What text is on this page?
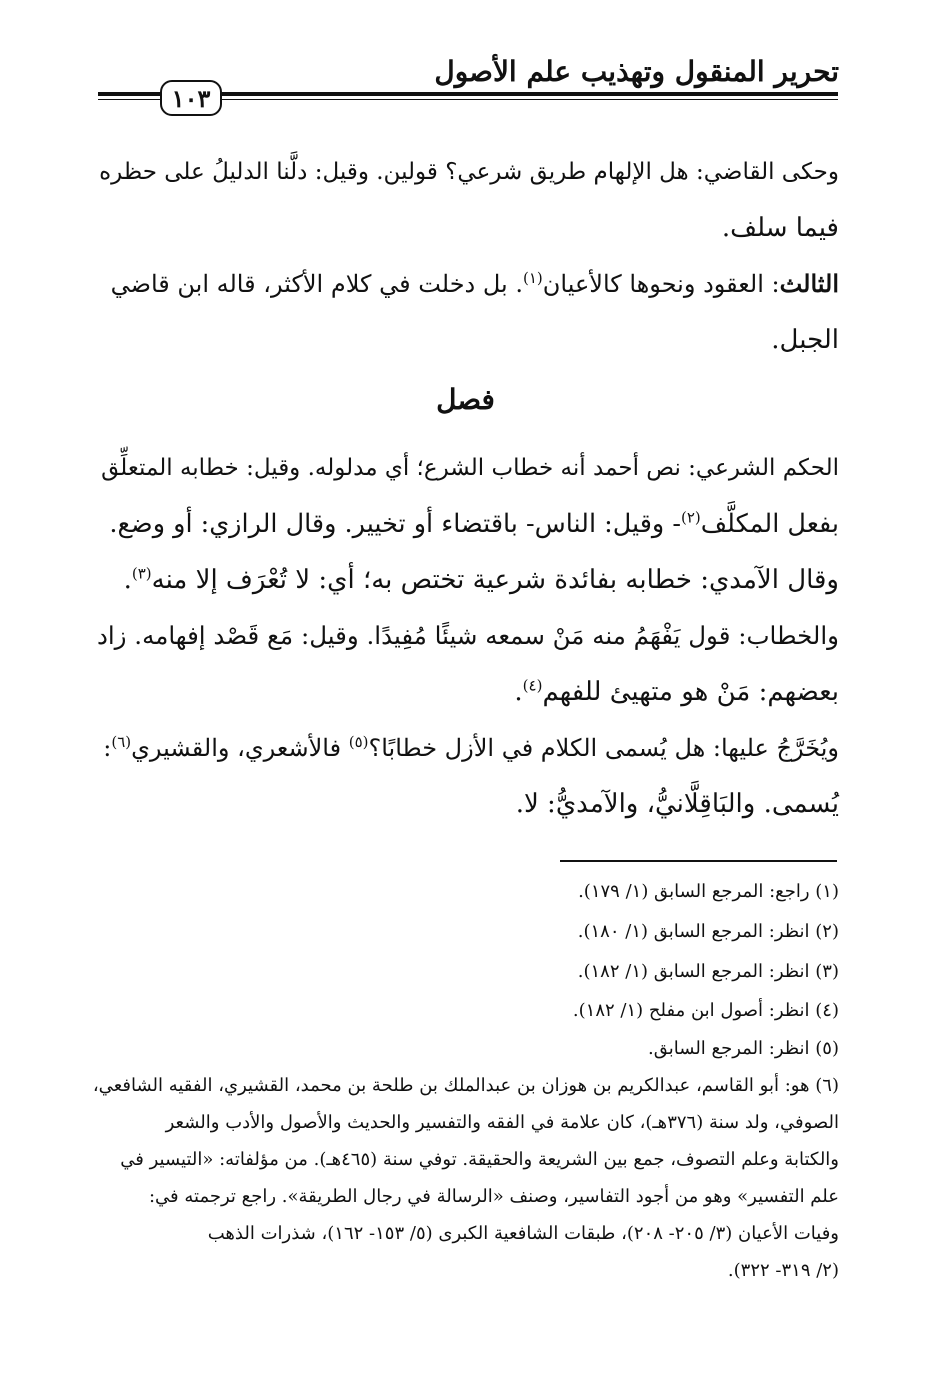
تحرير المنقول وتهذيب علم الأصول
١٠٣
وحكى القاضي: هل الإلهام طريق شرعي؟ قولين. وقيل: دلَّنا الدليلُ على حظره
فيما سلف.
الثالث: العقود ونحوها كالأعيان$^{(١)}$. بل دخلت في كلام الأكثر، قاله ابن قاضي
الجبل.
فصل
الحكم الشرعي: نص أحمد أنه خطاب الشرع؛ أي مدلوله. وقيل: خطابه المتعلِّق
بفعل المكلَّف$^{(٢)}$- وقيل: الناس- باقتضاء أو تخيير. وقال الرازي: أو وضع.
وقال الآمدي: خطابه بفائدة شرعية تختص به؛ أي: لا تُعْرَف إلا منه$^{(٣)}$.
والخطاب: قول يَفْهَمُ منه مَنْ سمعه شيئًا مُفِيدًا. وقيل: مَع قَصْد إفهامه. زاد
بعضهم: مَنْ هو متهيئ للفهم$^{(٤)}$.
ويُخَرَّجُ عليها: هل يُسمى الكلام في الأزل خطابًا؟$^{(٥)}$ فالأشعري، والقشيري$^{(٦)}$:
يُسمى. والبَاقِلَّانيُّ، والآمديُّ: لا.
(١) راجع: المرجع السابق (١/ ١٧٩).
(٢) انظر: المرجع السابق (١/ ١٨٠).
(٣) انظر: المرجع السابق (١/ ١٨٢).
(٤) انظر: أصول ابن مفلح (١/ ١٨٢).
(٥) انظر: المرجع السابق.
(٦) هو: أبو القاسم، عبدالكريم بن هوزان بن عبدالملك بن طلحة بن محمد، القشيري، الفقيه الشافعي،
الصوفي، ولد سنة (٣٧٦هـ)، كان علامة في الفقه والتفسير والحديث والأصول والأدب والشعر
والكتابة وعلم التصوف، جمع بين الشريعة والحقيقة. توفي سنة (٤٦٥هـ). من مؤلفاته: «التيسير في
علم التفسير» وهو من أجود التفاسير، وصنف «الرسالة في رجال الطريقة». راجع ترجمته في:
وفيات الأعيان (٣/ ٢٠٥- ٢٠٨)، طبقات الشافعية الكبرى (٥/ ١٥٣- ١٦٢)، شذرات الذهب
(٢/ ٣١٩- ٣٢٢).
